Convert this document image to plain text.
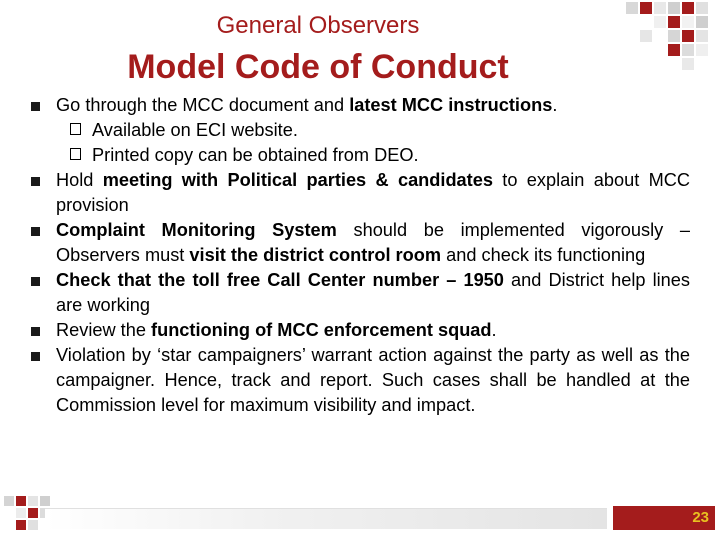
General Observers
Model Code of Conduct
Go through the MCC document and latest MCC instructions.
Available on ECI website.
Printed copy can be obtained from DEO.
Hold meeting with Political parties & candidates to explain about MCC provision
Complaint Monitoring System should be implemented vigorously – Observers must visit the district control room and check its functioning
Check that the toll free Call Center number – 1950 and District help lines are working
Review the functioning of MCC enforcement squad.
Violation by ‘star campaigners’ warrant action against the party as well as the campaigner. Hence, track and report. Such cases shall be handled at the Commission level for maximum visibility and impact.
23
